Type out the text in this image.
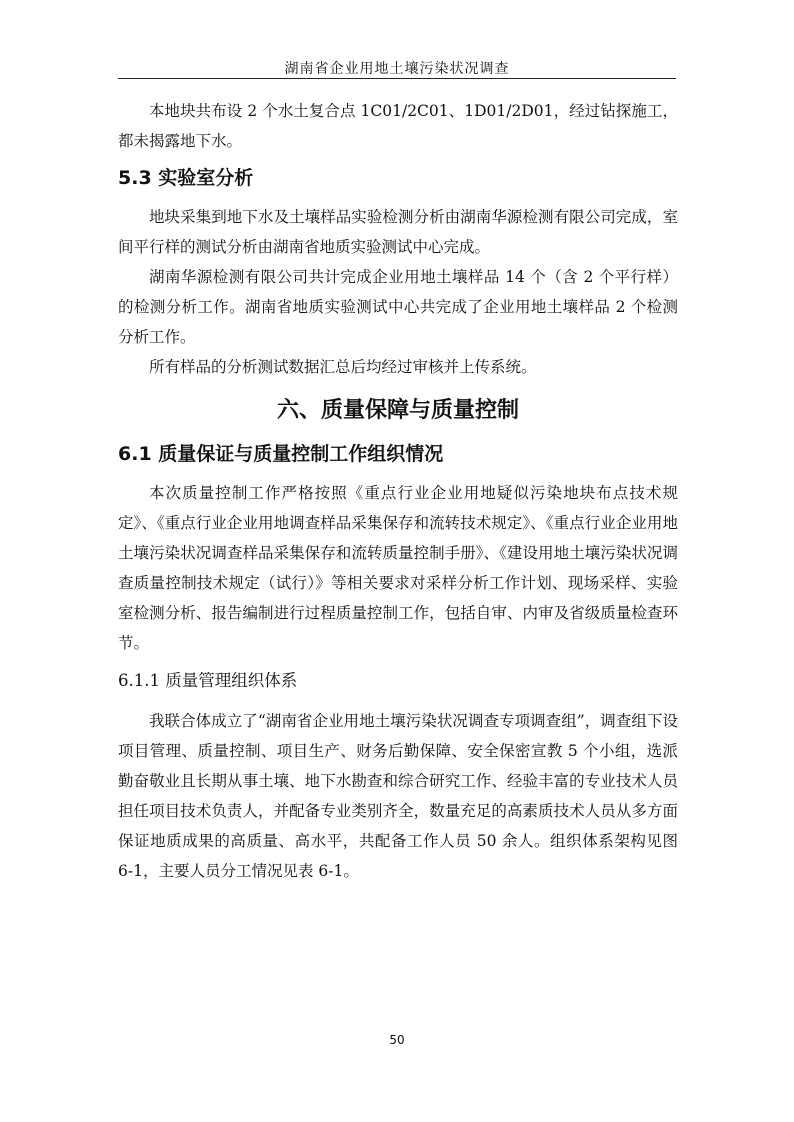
湖南省企业用地土壤污染状况调查

本地块共布设 2 个水土复合点 1C01/2C01、1D01/2D01，经过钻探施工，都未揭露地下水。

5.3 实验室分析

地块采集到地下水及土壤样品实验检测分析由湖南华源检测有限公司完成，室间平行样的测试分析由湖南省地质实验测试中心完成。

湖南华源检测有限公司共计完成企业用地土壤样品 14 个（含 2 个平行样）的检测分析工作。湖南省地质实验测试中心共完成了企业用地土壤样品 2 个检测分析工作。

所有样品的分析测试数据汇总后均经过审核并上传系统。

六、质量保障与质量控制
6.1 质量保证与质量控制工作组织情况

本次质量控制工作严格按照《重点行业企业用地疑似污染地块布点技术规定》、《重点行业企业用地调查样品采集保存和流转技术规定》、《重点行业企业用地土壤污染状况调查样品采集保存和流转质量控制手册》、《建设用地土壤污染状况调查质量控制技术规定（试行）》等相关要求对采样分析工作计划、现场采样、实验室检测分析、报告编制进行过程质量控制工作，包括自审、内审及省级质量检查环节。

6.1.1 质量管理组织体系

我联合体成立了“湖南省企业用地土壤污染状况调查专项调查组”，调查组下设项目管理、质量控制、项目生产、财务后勤保障、安全保密宣教 5 个小组，选派勤奋敬业且长期从事土壤、地下水勘查和综合研究工作、经验丰富的专业技术人员担任项目技术负责人，并配备专业类别齐全，数量充足的高素质技术人员从多方面保证地质成果的高质量、高水平，共配备工作人员 50 余人。组织体系架构见图 6-1，主要人员分工情况见表 6-1。

50
